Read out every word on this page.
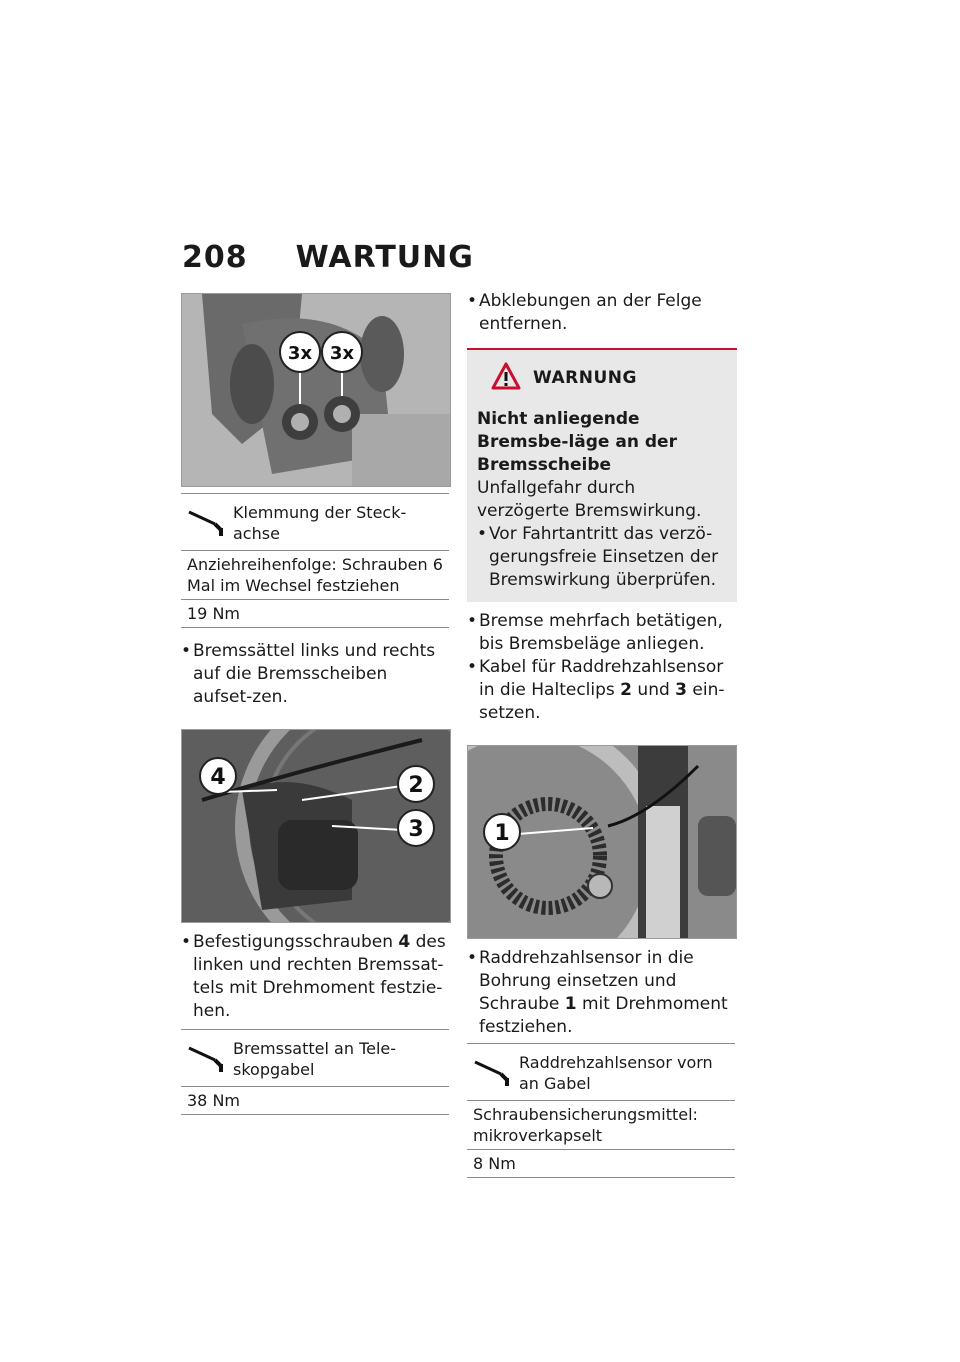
208 WARTUNG
3x 3x
Klemmung der Steck-achse
Anziehreihenfolge: Schrauben 6 Mal im Wechsel festziehen
19 Nm
• Bremssättel links und rechts auf die Bremsscheiben aufset-zen.
4	2
3
• Befestigungsschrauben 4 des linken und rechten Bremssat-tels mit Drehmoment festzie-hen.
Bremssattel an Tele-skopgabel
38 Nm
• Abklebungen an der Felge entfernen.
WARNUNG
Nicht anliegende Bremsbe-läge an der Bremsscheibe
Unfallgefahr durch verzögerte Bremswirkung.
• Vor Fahrtantritt das verzö-gerungsfreie Einsetzen der Bremswirkung überprüfen.
• Bremse mehrfach betätigen, bis Bremsbeläge anliegen.
• Kabel für Raddrehzahlsensor in die Halteclips 2 und 3 ein-setzen.
1
• Raddrehzahlsensor in die Bohrung einsetzen und Schraube 1 mit Drehmoment festziehen.
Raddrehzahlsensor vorn an Gabel
Schraubensicherungsmittel: mikroverkapselt
8 Nm
